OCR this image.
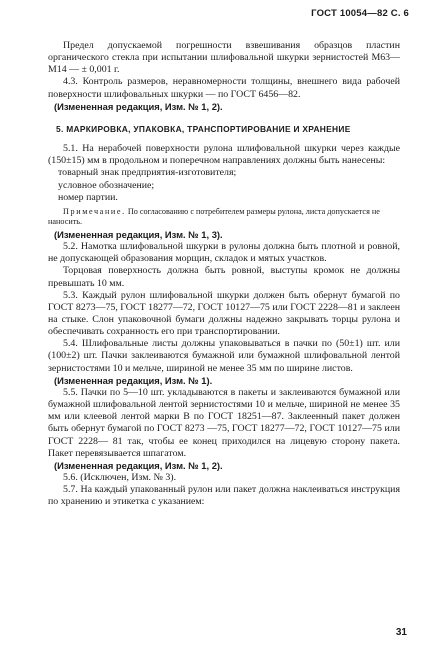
ГОСТ 10054—82 С. 6

Предел допускаемой погрешности взвешивания образцов пластин органического стекла при испытании шлифовальной шкурки зернистостей М63—М14 — ± 0,001 г.

4.3. Контроль размеров, неравномерности толщины, внешнего вида рабочей поверхности шлифовальных шкурки — по ГОСТ 6456—82.

(Измененная редакция, Изм. № 1, 2).

5. МАРКИРОВКА, УПАКОВКА, ТРАНСПОРТИРОВАНИЕ И ХРАНЕНИЕ

5.1. На нерабочей поверхности рулона шлифовальной шкурки через каждые (150±15) мм в продольном и поперечном направлениях должны быть нанесены:

товарный знак предприятия-изготовителя;

условное обозначение;

номер партии.

Примечание. По согласованию с потребителем размеры рулона, листа допускается не наносить.

(Измененная редакция, Изм. № 1, 3).

5.2. Намотка шлифовальной шкурки в рулоны должна быть плотной и ровной, не допускающей образования морщин, складок и мятых участков.

Торцовая поверхность должна быть ровной, выступы кромок не должны превышать 10 мм.

5.3. Каждый рулон шлифовальной шкурки должен быть обернут бумагой по ГОСТ 8273—75, ГОСТ 18277—72, ГОСТ 10127—75 или ГОСТ 2228—81 и заклеен на стыке. Слон упаковочной бумаги должны надежно закрывать торцы рулона и обеспечивать сохранность его при транспортировании.

5.4. Шлифовальные листы должны упаковываться в пачки по (50±1) шт. или (100±2) шт. Пачки заклеиваются бумажной или бумажной шлифовальной лентой зернистостями 10 и мельче, шириной не менее 35 мм по ширине листов.

(Измененная редакция, Изм. № 1).

5.5. Пачки по 5—10 шт. укладываются в пакеты и заклеиваются бумажной или бумажной шлифовальной лентой зернистостями 10 и мельче, шириной не менее 35 мм или клеевой лентой марки В по ГОСТ 18251—87. Заклеенный пакет должен быть обернут бумагой по ГОСТ 8273 —75, ГОСТ 18277—72, ГОСТ 10127—75 или ГОСТ 2228— 81 так, чтобы ее конец приходился на лицевую сторону пакета. Пакет перевязывается шпагатом.

(Измененная редакция, Изм. № 1, 2).

5.6. (Исключен, Изм. № 3).

5.7. На каждый упакованный рулон или пакет должна наклеиваться инструкция по хранению и этикетка с указанием:

31
